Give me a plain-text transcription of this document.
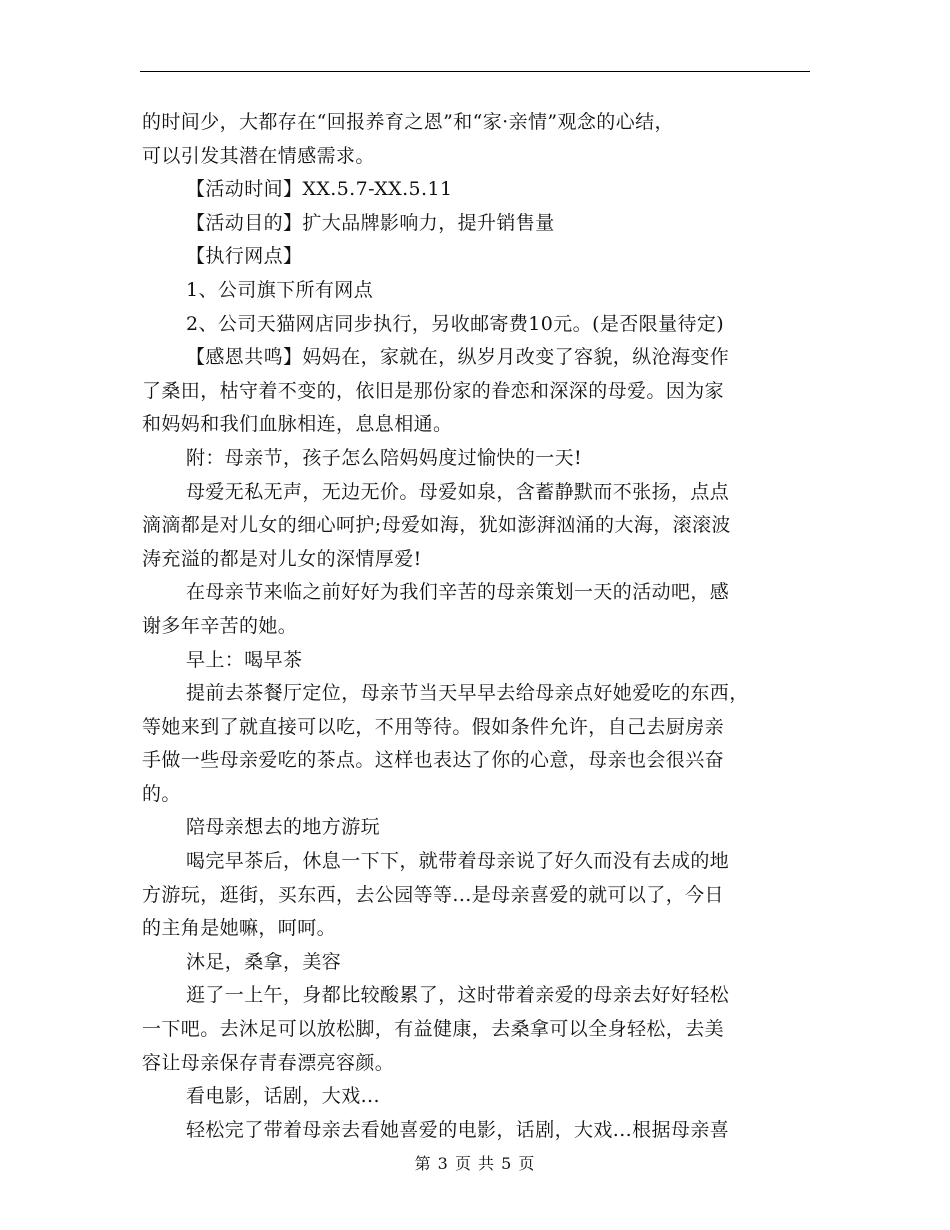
的时间少，大都存在“回报养育之恩”和“家·亲情”观念的心结，
可以引发其潜在情感需求。
【活动时间】XX.5.7-XX.5.11
【活动目的】扩大品牌影响力，提升销售量
【执行网点】
1、公司旗下所有网点
2、公司天猫网店同步执行，另收邮寄费10元。(是否限量待定)
【感恩共鸣】妈妈在，家就在，纵岁月改变了容貌，纵沧海变作
了桑田，枯守着不变的，依旧是那份家的眷恋和深深的母爱。因为家
和妈妈和我们血脉相连，息息相通。
附：母亲节，孩子怎么陪妈妈度过愉快的一天!
母爱无私无声，无边无价。母爱如泉，含蓄静默而不张扬，点点
滴滴都是对儿女的细心呵护;母爱如海，犹如澎湃汹涌的大海，滚滚波
涛充溢的都是对儿女的深情厚爱!
在母亲节来临之前好好为我们辛苦的母亲策划一天的活动吧，感
谢多年辛苦的她。
早上：喝早茶
提前去茶餐厅定位，母亲节当天早早去给母亲点好她爱吃的东西，
等她来到了就直接可以吃，不用等待。假如条件允许，自己去厨房亲
手做一些母亲爱吃的茶点。这样也表达了你的心意，母亲也会很兴奋
的。
陪母亲想去的地方游玩
喝完早茶后，休息一下下，就带着母亲说了好久而没有去成的地
方游玩，逛街，买东西，去公园等等...是母亲喜爱的就可以了，今日
的主角是她嘛，呵呵。
沐足，桑拿，美容
逛了一上午，身都比较酸累了，这时带着亲爱的母亲去好好轻松
一下吧。去沐足可以放松脚，有益健康，去桑拿可以全身轻松，去美
容让母亲保存青春漂亮容颜。
看电影，话剧，大戏...
轻松完了带着母亲去看她喜爱的电影，话剧，大戏...根据母亲喜
第 3 页 共 5 页
